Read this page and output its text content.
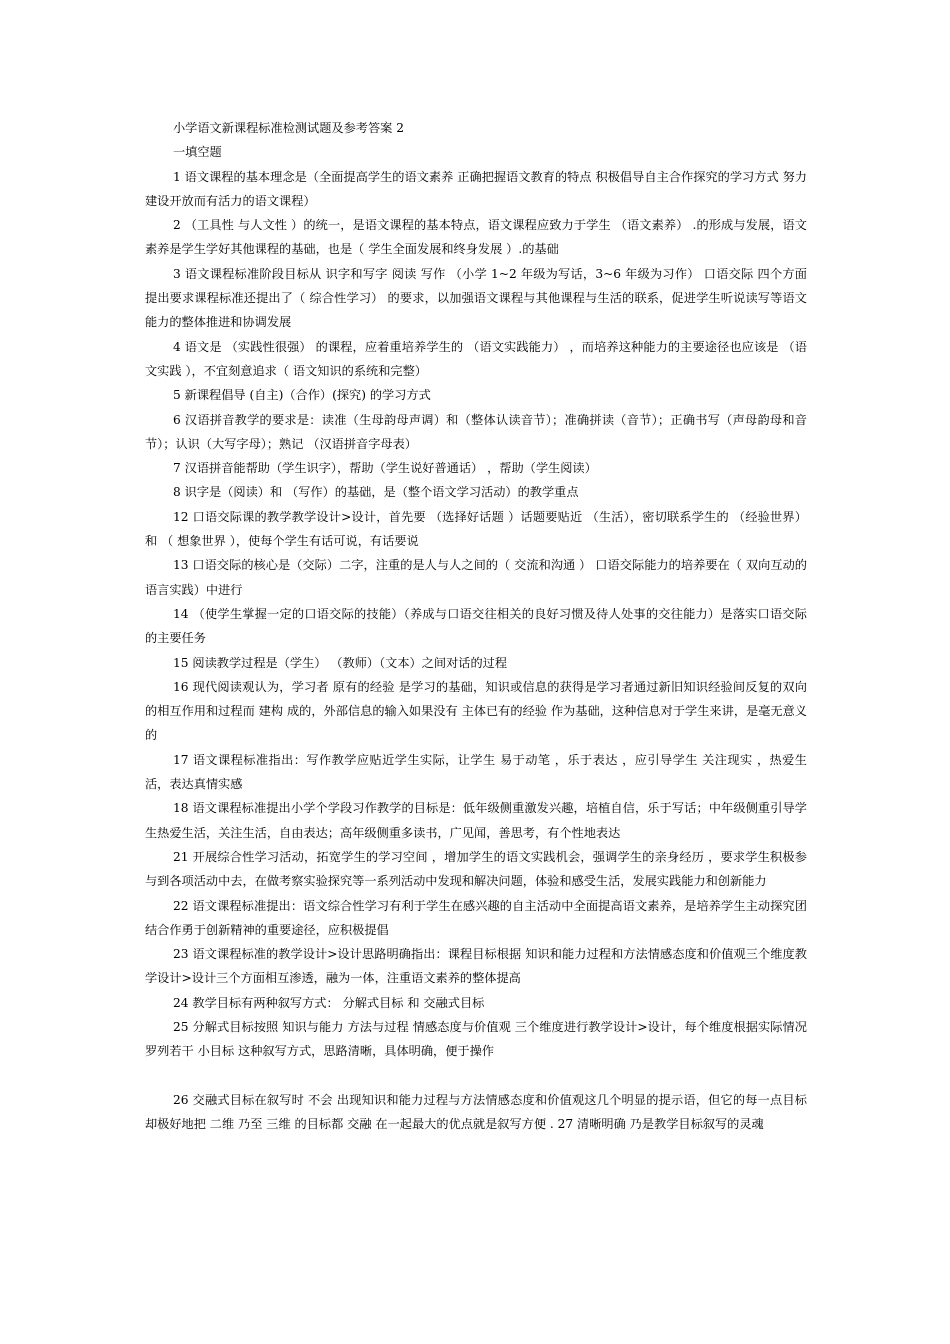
小学语文新课程标准检测试题及参考答案 2

一填空题

1 语文课程的基本理念是（全面提高学生的语文素养 正确把握语文教育的特点 积极倡导自主合作探究的学习方式 努力建设开放而有活力的语文课程）

2 （工具性 与人文性 ）的统一，是语文课程的基本特点，语文课程应致力于学生 （语文素养） .的形成与发展，语文素养是学生学好其他课程的基础，也是（ 学生全面发展和终身发展 ）.的基础

3 语文课程标准阶段目标从 识字和写字 阅读 写作 （小学 1~2 年级为写话，3~6 年级为习作） 口语交际 四个方面提出要求课程标准还提出了（ 综合性学习） 的要求，以加强语文课程与其他课程与生活的联系，促进学生听说读写等语文能力的整体推进和协调发展

4 语文是 （实践性很强） 的课程，应着重培养学生的 （语文实践能力） ，而培养这种能力的主要途径也应该是 （语文实践 ），不宜刻意追求（ 语文知识的系统和完整）

5 新课程倡导 (自主)（合作）(探究) 的学习方式

6 汉语拼音教学的要求是：读准（生母韵母声调）和（整体认读音节）；准确拼读（音节）；正确书写（声母韵母和音节）；认识（大写字母）；熟记 （汉语拼音字母表）

7 汉语拼音能帮助（学生识字），帮助（学生说好普通话） ，帮助（学生阅读）

8 识字是（阅读）和 （写作）的基础，是（整个语文学习活动）的教学重点

12 口语交际课的教学教学设计>设计，首先要 （选择好话题 ）话题要贴近 （生活），密切联系学生的 （经验世界） 和 （ 想象世界 ），使每个学生有话可说，有话要说

13 口语交际的核心是（交际）二字，注重的是人与人之间的（ 交流和沟通 ） 口语交际能力的培养要在（ 双向互动的语言实践）中进行

14 （使学生掌握一定的口语交际的技能）（养成与口语交往相关的良好习惯及待人处事的交往能力）是落实口语交际的主要任务

15 阅读教学过程是（学生） （教师）（文本）之间对话的过程

16 现代阅读观认为，学习者 原有的经验 是学习的基础，知识或信息的获得是学习者通过新旧知识经验间反复的双向的相互作用和过程而 建构 成的，外部信息的输入如果没有 主体已有的经验 作为基础，这种信息对于学生来讲，是毫无意义的

17 语文课程标准指出：写作教学应贴近学生实际，让学生 易于动笔 ，乐于表达 ，应引导学生 关注现实 ，热爱生活，表达真情实感

18 语文课程标准提出小学个学段习作教学的目标是：低年级侧重激发兴趣，培植自信，乐于写话；中年级侧重引导学生热爱生活，关注生活，自由表达；高年级侧重多读书，广见闻，善思考，有个性地表达

21 开展综合性学习活动，拓宽学生的学习空间 ，增加学生的语文实践机会，强调学生的亲身经历 ，要求学生积极参与到各项活动中去，在做考察实验探究等一系列活动中发现和解决问题，体验和感受生活，发展实践能力和创新能力

22 语文课程标准提出：语文综合性学习有利于学生在感兴趣的自主活动中全面提高语文素养，是培养学生主动探究团结合作勇于创新精神的重要途径，应积极提倡

23 语文课程标准的教学设计>设计思路明确指出：课程目标根据 知识和能力过程和方法情感态度和价值观三个维度教学设计>设计三个方面相互渗透，融为一体，注重语文素养的整体提高

24 教学目标有两种叙写方式： 分解式目标 和 交融式目标

25 分解式目标按照 知识与能力 方法与过程 情感态度与价值观 三个维度进行教学设计>设计，每个维度根据实际情况罗列若干 小目标 这种叙写方式，思路清晰，具体明确，便于操作

26 交融式目标在叙写时 不会 出现知识和能力过程与方法情感态度和价值观这几个明显的提示语，但它的每一点目标却极好地把 二维 乃至 三维 的目标都 交融 在一起最大的优点就是叙写方便 . 27 清晰明确 乃是教学目标叙写的灵魂
